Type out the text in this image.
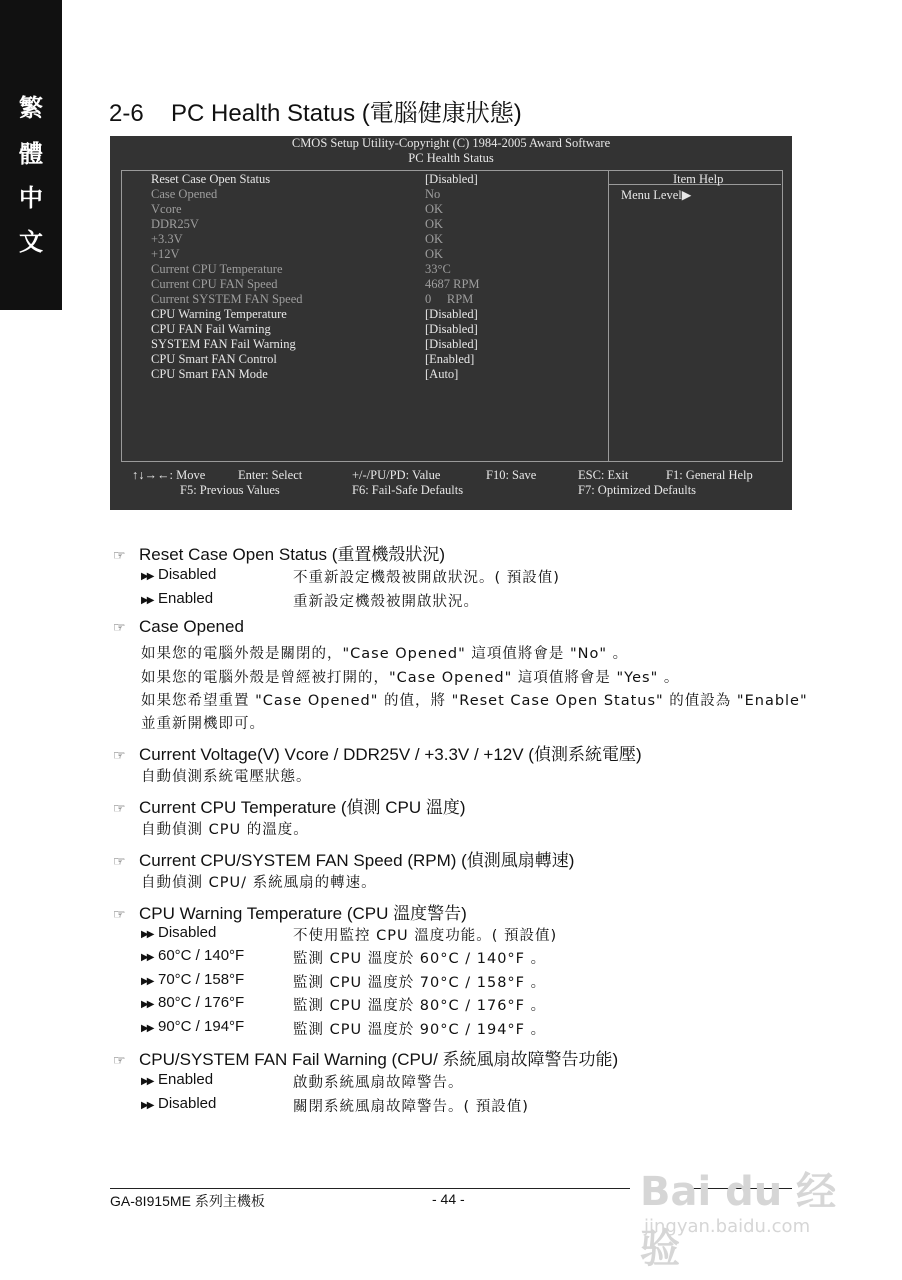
繁
體
中
文
2-6 PC Health Status (電腦健康狀態)
CMOS Setup Utility-Copyright (C) 1984-2005 Award Software
PC Health Status
Reset Case Open Status	[Disabled]
Case Opened	No
Vcore	OK
DDR25V	OK
+3.3V	OK
+12V	OK
Current CPU Temperature	33°C
Current CPU FAN Speed	4687 RPM
Current SYSTEM FAN Speed	0     RPM
CPU Warning Temperature	[Disabled]
CPU FAN Fail Warning	[Disabled]
SYSTEM FAN Fail Warning	[Disabled]
CPU Smart FAN Control	[Enabled]
CPU Smart FAN Mode	[Auto]
Item Help
Menu Level▶
↑↓→←: Move	Enter: Select	+/-/PU/PD: Value	F10: Save	ESC: Exit	F1: General Help
F5: Previous Values	F6: Fail-Safe Defaults	F7: Optimized Defaults
☞ Reset Case Open Status (重置機殼狀況)
▶▶ Disabled	不重新設定機殼被開啟狀況。( 預設值)
▶▶ Enabled	重新設定機殼被開啟狀況。
☞ Case Opened
如果您的電腦外殼是關閉的，"Case Opened" 這項值將會是 "No" 。
如果您的電腦外殼是曾經被打開的，"Case Opened" 這項值將會是 "Yes" 。
如果您希望重置 "Case Opened" 的值，將 "Reset Case Open Status" 的值設為 "Enable"
並重新開機即可。
☞ Current Voltage(V) Vcore / DDR25V / +3.3V / +12V (偵測系統電壓)
自動偵測系統電壓狀態。
☞ Current CPU Temperature (偵測 CPU 溫度)
自動偵測 CPU 的溫度。
☞ Current CPU/SYSTEM FAN Speed (RPM) (偵測風扇轉速)
自動偵測 CPU/ 系統風扇的轉速。
☞ CPU Warning Temperature (CPU 溫度警告)
▶▶ Disabled	不使用監控 CPU 溫度功能。( 預設值)
▶▶ 60°C / 140°F	監測 CPU 溫度於 60°C / 140°F 。
▶▶ 70°C / 158°F	監測 CPU 溫度於 70°C / 158°F 。
▶▶ 80°C / 176°F	監測 CPU 溫度於 80°C / 176°F 。
▶▶ 90°C / 194°F	監測 CPU 溫度於 90°C / 194°F 。
☞ CPU/SYSTEM FAN Fail Warning (CPU/ 系統風扇故障警告功能)
▶▶ Enabled	啟動系統風扇故障警告。
▶▶ Disabled	關閉系統風扇故障警告。( 預設值)
GA-8I915ME 系列主機板	- 44 -	Bai du 经验
jingyan.baidu.com
